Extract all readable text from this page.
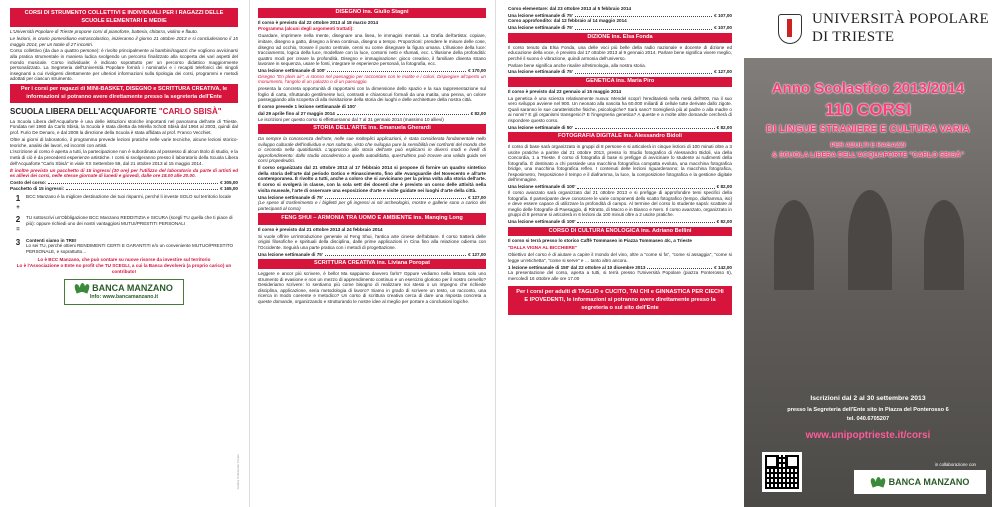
CORSI DI STRUMENTO COLLETTIVI E INDIVIDUALI PER I RAGAZZI DELLE SCUOLE ELEMENTARI E MEDIE

L'Università Popolare di Trieste propone corsi di pianoforte, batteria, chitarra, violino e flauto.

Le lezioni, in orario pomeridiano extrascolastico, inizieranno il giorno 21 ottobre 2013 e si concluderanno il 15 maggio 2014, per un totale di 27 incontri.

Corso collettivo (da due a quattro persone): è rivolto principalmente ai bambini/ragazzi che vogliono avvicinarsi alla pratica strumentale in maniera ludica svolgendo un percorso finalizzato alla scoperta dei vari aspetti del mondo musicale. Corso individuale: è indicato soprattutto per un percorso didattico maggiormente personalizzato. La Segreteria dell'Università Popolare fornirà i nominativi e i recapiti telefonici dei singoli insegnanti a cui rivolgersi direttamente per ulteriori informazioni sulla tipologia dei corsi, programmi e metodi adottati per ciascun strumento.

Per i corsi per ragazzi di MINI-BASKET, DISEGNO e SCRITTURA CREATIVA, le informazioni si potranno avere direttamente presso la segreteria dell'Ente
SCUOLA LIBERA DELL'ACQUAFORTE "CARLO SBISÀ"

La Scuola Libera dell'Acquaforte è una delle istituzioni storiche importanti nel panorama dell'arte di Trieste. Fondata nel 1960 da Carlo Sbisà, la Scuola è stata diretta da Mirella Schott Sbisà dal 1964 al 2003, quindi dal prof. Furio De Denaro, e dal 2008 la direzione della Scuola è stata affidata al prof. Franco Vecchiet.

Oltre ai giorni di laboratorio, il programma prevede lezioni pratiche nelle varie tecniche, alcune lezioni storico-teoriche, analisi dei lavori, ed incontri con artisti.

L'iscrizione al corso è aperta a tutti, la partecipazione non è subordinata al possesso di alcun titolo di studio, e la metà di ciò è da precedenti esperienze artistiche. I corsi si svolgeranno presso il laboratorio della Scuola Libera dell'Acquaforte "Carlo Sbisà" in viale XX Settembre 59, dal 21 ottobre 2013 al 15 maggio 2014.

È inoltre previsto un pacchetto di 15 ingressi (30 ore) per l'utilizzo del laboratorio da parte di artisti ed ex allievi dei corsi, nelle stesse giornate di lunedì e giovedì, dalle ore 18.00 alle 20.00.

Costo del corso:	€ 305,00
Pacchetto di 15 ingressi:	€ 165,00
1	BCC Manzano è la migliore destinazione dei tuoi risparmi, perché li investe SOLO sul territorio locale
+
2	TU sottoscrivi un'Obbligazione BCC Manzano REDDITIZIA e SICURA (scegli TU quella che ti piace di più): oppure richiedi uno dei nostri vantaggiosi MUTUI/PRESTITI PERSONALI
=
3	Contenti siamo in TRE!
Lo sei TU, perché ottieni RENDIMENTI CERTI E GARANTITI e/o un conveniente MUTUO/PRESTITO PERSONALE, e soprattutto…

Lo è BCC Manzano, che può contare su nuove risorse da investire sul territorio

Lo è l'Associazione o Ente no profit che TU SCEGLI, a cui la Banca devolverà (a proprio carico) un contributo!

BANCA MANZANO
Info: www.bancamanzano.it
Grafica Publimedia Trieste
DISEGNO ins. Giulio Stagni

Il corso è previsto dal 22 ottobre 2013 al 18 marzo 2014

Programma (alcuni degli argomenti trattati):

Guardare, imprimere nella mente, disegnare una linea, le immagini mentali. La Grafia dell'artista: copiare, imitare, disegno a gatto, disegno a linea continua, disegno a tempo. Proporzioni: prendere le misure delle cose, disegno ad occhio, trovare il punto centrale, cenni su come disegnare la figura umana. L'illusione della luce: tracciamento, logica della luce, modellare con la luce, contorni netti e sfumati, ecc. L'illusione della profondità: quattro modi per creare la profondità. Disegno e immaginazione: gioco creativo, il familiare diventa strano lavorare in sequenza, usare le fonti, integrare le esperienze personali, la fotografia, ecc.

Una lezione settimanale di 100'	€ 170,00

Disegno "En plein air", a stosso nel paesaggio per raccontare con le matite e i colori. Dispiegare all'aperto un monumento, l'angolo di un palazzo o di un paesaggio.

presenta la concreta opportunità di rapportarsi con la dimensione dello spazio e la sua rappresentazione sul foglio di carta, sfruttando gentilmente luci, contrasti e chiaroscuri formali da una matita, una penna, un colore passeggiando alla scoperta di alla rivisitazione della storia dei luoghi e delle architetture della nostra città.

Il corso prevede 1 lezione settimanale di 100'

dal 29 aprile fino al 27 maggio 2014	€ 82,00

Le iscrizioni per questo corso si effettueranno dal 7 al 31 gennaio 2014 (massimo 10 allievi)

STORIA DELL'ARTE ins. Emanuela Gherardi

Da sempre la conoscenza dell'arte, nelle sue molteplici applicazioni, è stata considerata fondamentale nello sviluppo culturale dell'individuo e non soltanto, visto che sviluppa pure la sensibilità nei confronti del mondo che ci circonda nella quotidianità. L'approccio allo storia dell'arte può esplicarsi in diversi modi e livelli di approfondimento: dallo studio accademico a quello autodidatta, quest'ultimo può trovare una valida guida nei corsi propedeutici.

Il corso organizzato dal 21 ottobre 2013 al 17 febbraio 2014 si propone di fornire un quadro sintetico della storia dell'arte dal periodo Gotico e Rinascimento, fino alle Avanguardie del Novecento e all'arte contemporanea. È rivolto a tutti, anche a coloro che si avvicinano per la prima volta alla storia dell'arte. Il corso si svolgerà in classe, con la sola sett dei docenti che è previsto un corso delle attività nella visita museale, l'arte di osservare una esposizione d'arte e visite guidate nei luoghi d'arte della città.

Una lezione settimanale di 75'	€ 127,00

(Le spese di trasferimento e i biglietti per gli ingressi ai siti archeologici, mostre e gallerie sono a carico dei partecipanti al corso)

FENG SHUI – ARMONIA TRA UOMO E AMBIENTE ins. Manqing Long

Il corso è previsto dal 21 ottobre 2013 al 24 febbraio 2014

Si vuole offrire un'introduzione generale al Feng Shui, l'antica arte cinese dell'abitare. Il corso tratterà delle origini filosofiche e spirituali della disciplina, dalle prime applicazioni in Cina fino alla relazione odierna con l'Occidente. Seguirà una parte pratica con i metodi di progettazione.

Una lezione settimanale di 75'	€ 127,00
SCRITTURA CREATIVA ins. Liviana Poropat

Leggere e ancor più scrivere, è bello! Ma sappiamo davvero farlo? Oppure vediamo nella lettura solo uno strumento di evasione e non un mezzo di apprendimento continuo e un esercizio glorioso per il nostro cervello? Desideriamo scrivere: lo sentiamo più come bisogno di realizzare noi stessi o un impegno che richiede disciplina, applicazione, seria metodologia di lavoro? Siamo in grado di scrivere un testo, un racconto, una ricerca in modo coerente e metodico? Un corso di scrittura creativa cerca di dare una risposta concreta a queste domande, organizzando e strutturando le nostre idee al meglio per portare a conclusioni logiche.

Corso elementare: dal 23 ottobre 2013 al 5 febbraio 2014

Una lezione settimanale di 75'	€ 107,00

Corso approfondito: dal 12 febbraio al 14 maggio 2014

Una lezione settimanale di 75'	€ 107,00
DIZIONE ins. Elsa Fonda

Il corso tenuto da Elsa Fonda, una delle voci più belle della radio nazionale e docente di dizione ed educazione della voce, è previsto dal 17 ottobre 2013 al 9 gennaio 2014. Parlare bene significa vivere meglio, perché il suono è vibrazione, quindi armonia dell'universo.

Parlare bene significa anche risalire all'etimologia, alla nostra storia.

Una lezione settimanale di 75'	€ 127,00
GENETICA ins. Maria Piro

Il corso è previsto dal 23 gennaio al 15 maggio 2014

La genetica è una scienza relativamente nuova: Mendel scoprì l'ereditarietà nella metà dell'800, ma il suo vero sviluppo avviene nel 900. Un neonato alla nascita ha 60.000 miliardi di cellule tutte derivate dallo zigote. Quali saranno le sue caratteristiche fisiche, psicologiche? Sarà sano? Somiglierà più al padre o alla madre o ai nonni? E gli organismi transgenici? E l'ingegneria genetica? A queste e a molte altre domande cercherà di rispondere questo corso.

Una lezione settimanale di 50'	€ 82,00
FOTOGRAFIA DIGITALE ins. Alessandro Bidoli

Il corso di base sarà organizzato in gruppi di 8 persone e si articolerà in cinque lezioni di 100 minuti oltre a 3 uscite pratiche a partire dal 21 ottobre 2013, presso lo Studio fotografico di Alessandro Bidoli, via della Concordia, 1 a Trieste. Il corso di fotografia di base si prefigge di avvicinare lo studente ai rudimenti della fotografia. È destinato a chi possiede una macchina fotografica compatta evoluta, una macchina fotografica bridge, una macchina fotografica reflex. I contenuti delle lezioni riguarderanno: la macchina fotografica, l'esposimetro, l'esposizione il tempo e il diaframma, la luce, la composizione fotografica e la gestione digitale dell'immagine.

Una lezione settimanale di 100'	€ 82,00

Il corso avanzato sarà organizzato dal 21 ottobre 2013 e si prefigge di approfondire temi specifici della fotografia. Il partecipante deve conoscere le varie componenti dello scatto fotografico (tempo, diaframma, iso) e deve essere capace di utilizzare la profondità di campo. Al termine del corso lo studente saprà: scattare al meglio delle fotografie di Paesaggio, di Ritratto, di Macro e in Bianco e Nero. Il corso avanzato, organizzato in gruppi di 8 persone si articolerà in 6 lezioni da 100 minuti oltre a 2 uscite pratiche.

Una lezione settimanale di 100'	€ 82,00
CORSO DI CULTURA ENOLOGICA ins. Adriano Bellini

Il corso si terrà presso lo storico Caffè Tommaseo in Piazza Tommaseo 4/c, a Trieste

"DALLA VIGNA AL BICCHIERE"

Obiettivo del corso è di aiutare a capire il mondo del vino, oltre a "come si fa", "come si assaggia", "come si legge un'etichetta", "come si serve" e … tanto altro ancora.

1 lezione settimanale di 150' dal 22 ottobre al 10 dicembre 2013	€ 142,00

La presentazione del corso, aperta a tutti, si terrà presso l'Università Popolare (piazza Ponterosso 6), mercoledì 16 ottobre alle ore 17.00

Per i corsi per adulti di TAGLIO e CUCITO, TAI CHI e GINNASTICA PER CIECHI E IPOVEDENTI, le informazioni si potranno avere direttamente presso la segreteria o sul sito dell'Ente
UNIVERSITÀ POPOLARE
DI TRIESTE
Anno Scolastico 2013/2014
110 CORSI
DI LINGUE STRANIERE E CULTURA VARIA
PER ADULTI E RAGAZZI
& SCUOLA LIBERA DELL'ACQUAFORTE "CARLO SBISÀ"
Iscrizioni dal 2 al 30 settembre 2013
presso la Segreteria dell'Ente sito in Piazza del Ponterosso 6
tel. 040.6705207
www.unipoptrieste.it/corsi
in collaborazione con
BANCA MANZANO
